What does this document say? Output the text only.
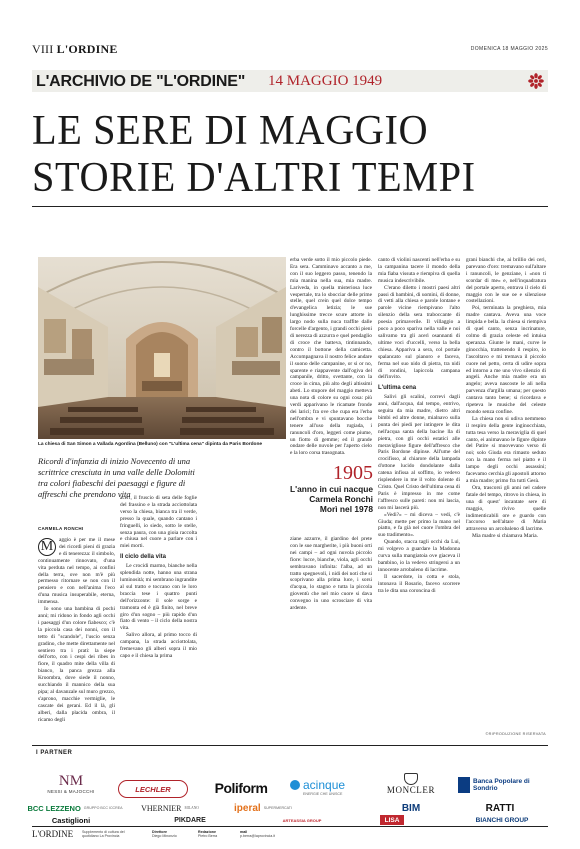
VIII L'ORDINE	DOMENICA 18 MAGGIO 2025
L'ARCHIVIO DE "L'ORDINE" 14 MAGGIO 1949
LE SERE DI MAGGIO
STORIE D'ALTRI TEMPI
La chiesa di San Simon a Vallada Agordina (Belluno) con "L'ultima cena" dipinta da Paris Bordone
Ricordi d'infanzia di inizio Novecento di una scrittrice cresciuta in una valle delle Dolomiti tra colori fiabeschi dei paesaggi e figure di affreschi che prendono vita
CARMELA RONCHI
1905
L'anno in cui nacque Carmela Ronchi Morì nel 1978
M	aggio è per me il mese dei ricordi pieni di grazia e di tenerezza: il simbolo, continuamente rinnovato, d'una vita perduta nel tempo, ai confini della terra, ove non m'è più permesso ritornare se non con il pensiero e con nell'anima l'eco d'una musica insuperabile, eterna, immensa.

Io sono una bambina di pochi anni; mi ridono in fondo agli occhi i paesaggi d'un colore fiabesco; c'è la piccola casa dei nonni, con il tetto di "scandole", l'uscio senza gradino, che mette direttamente nel sentiero tra i prati: la siepe dell'orto, con i cespi dei ribes in fiore, il quadro mite della villa di bianco, la panca grezza alla Kroombra, dove siede il nonno, succhiando il mannico della sua pipa; al davanzale sul muro grezzo, s'aprono, macchie vermiglie, le cascate dei gerani. Ed il là, gli alberi, dalla placida ombra, il ricamo degli

aceri, il fruscio di seta delle foglie del frassino e la strada acciottolata verso la chiesa, bianca tra il verde, presso la quale, quando cantano i fringuelli, io siedo, sotto le stelle, senza paura, con una gioia raccolta e chiusa nel cuore a parlare con i miei morti.

Il ciclo della vita

Le crocidi marmo, bianche nella splendida notte, hanno una strana luminosità; mi sembrano ingrandite al sul tratto e toccano con le loro braccia tese i quattro punti dell'orizzonte: il sole sorge e tramonta ed è già finito, nel breve giro d'un sogno – più rapido d'un fiato di vento – il ciclo della nostra vita.

Salivo allora, al primo tocco di campana, la strada acciottolata, fremevano gli alberi sopra il mio capo e il chiesa la prima

erba verde sotto il mio piccolo piede. Era sera. Camminavo accanto a me, con il suo leggero passo, tenendo la mia manina nella sua, mia madre. Lariveda, in quella misteriosa luce vespertale, tra lo sbocciar delle prime stelle, quel crein quel dolce tempo d'evangelica letizia; le sue lunghissime trecce scure attorte in largo nodo sulla nuca traffite dalle forcelle d'argento, i grandi occhi pieni di nerezza di azzurra e quel pendaglio di croce che batteva, tintinnando, contro il bottone della camicetta. Accompagnava il nostro felice andare il suono delle campanine, or si or no, sparente e riappavente dall'ogiva del campanile, dritto, svettante, con la croce in cima, più alto degli altissimi abeti. Lo stupore del maggio metteva una nota di colore su ogni cosa: più verdi apparivano le ricamate fronde dei larici; fra ove che cupa era l'erba nell'ombra e vi spuntavano bocche tenere all'uso della rugiada, i ranuncoli d'oro, leggeri come piume, un fiotto di gemme; ed il grande ondare delle nuvole per l'aperto cielo e la loro corsa trasognata.

ziane azzurre, il giardino del prete con le sue margherite, i più buoni orti nei campi – ad ogni nuvola piccolo fiore: lucce, bianche, viola, agli occhi sembravano infinita: l'alba, ad un tratto spegnevoli, i nidi dei noti che si scoprivano alla prima luce, i sorsi d'acqua, lo stagno e tutta la piccola gioventù che nel mio cuore si dava convegno in uno scrosciare di vita ardente.

canto di violini nascenti nell'erba e su la campanina tacere il mondo della mia fiaba vissuta e riempiva di quella musica indescrivibile.

C'erano diletto i mostri paesi altri passi di bambini, di uomini, di donne, di vetti alla chiesa e parole lontane e parole vicine riempivano l'alto silenzio della sera traboccante di poesia primaverile. Il villaggio a poco a poco spariva nella valle e noi salivamo tra gli acerì osannanti di ultime voci d'uccelli, verso la bella chiesa. Appariva a sera, col portale spalancato sul pianoro e faceva, ferma nel suo nido di pietra, tra nidi di rondini, lapiccola campana dell'invito.

L'ultima cena

Salivi gli scalini, correvi dagli anni, dall'acqua, dal tempo, entrivo, seguita da mia madre, dietro altri bimbi ed altre donne, mialnavo sulla punta dei piedi per intingere le dita nell'acqua santa della bacine lla di pietra, con gli occhi estatici alle meravigliose figure dell'affresco che Paris Bordone dipinse. All'ume del crocifisso, al chiarore della lampada d'ottone lucido dondolante dalla catena infissa al soffitto, io vedevo risplendere in me il volto dolente di Cristo. Quel Cristo dell'ultima cena di Paris è impresso in me come l'affresco sulle pareti: non mi lascia, non mi lascerà più.

«Vedi?» – mi diceva – vedi, c'è Giuda; mette per primo la mano nel piatto, e fa già nel cuore l'ombra del suo tradimento».

Quando, stacca tagli occhi da Lui, mi volgevo a guardare la Madonna curva sulla mangiatoia ove giaceva il bambino, io la vedevo stringersi a un innocente arrobaleno di lacrime.

Il sacerdote, in cotta e stola, intonava il Rosario, facevo scorrere tra le dita una coroncina di

grani bianchi che, ai brillio dei ceri, parevano d'oro: tremavano sull'altare i ranuncoli, le genziane, i «non ti scordar di me» e, nell'inquadratura del portale aperto, entrava il cielo di maggio con le sue oe e silenziose costellazioni.

Poi, terminata la preghiera, mia madre cantava. Aveva una voce limpida e bella. la chiesa si riempiva di quel canto, senza incrinature, colmo di grazia celeste ed intuisa speranza. Giunte le mani, curve le ginocchia, trattenendo il respiro, io l'ascoltavo e mi tremava il piccolo cuore nel petto, certa di udire sopra ed intorno a me uno vivo silenzio di angeli. Anche mia madre era un angelo; aveva nascoste le ali nella parvenza d'argilla umana; per questo cantava tanto bene; si ricordava e ripeteva le musiche del celeste mondo senza confine.

La chiesa non si udiva nemmeno il respiro della gente inginocchiata, tutta tesa verso la meraviglia di quel canto, ei animavano le figure dipinte del Patire si muovevano verso di noi; solo Giuda era rimasto seduto con la mano ferma nel piatto e il lampo degli occhi assassini; facevamo cerchia gli apostoli attorno a mia madre; primo fra tutti Gesù.

Ora, trascorsi gli anni nel cadere fatale del tempo, ritrovo in chiesa, in una di quest' incantate sere di maggio, rivivo quelle indimenticabili ore e guardo con l'accorso nell'altare di Maria attraverso un arcobaleno di lacrime.

Mia madre si chiamava Maria.

©RIPRODUZIONE RISERVATA
I PARTNER
NM
NESSI & MAJOCCHI	LECHLER	Poliform	acinque
ENERGIE CHE UNISCE	MONCLER
Banca Popolare di Sondrio
L'ORDINE Supplemento di cultura del quotidiano La Provincia
Direttore
Diego Minonzio
Redazione
Pietro Berra
mail
p.berra@laprovincia.it
BCC LEZZENO GRUPPO BCC ICCREA VHERNIER MILANO	iperal SUPERMERCATI	BIM	RATTI
Castiglioni	PIKDARE	ARTEASSIA GROUP	LISA	BIANCHI GROUP
